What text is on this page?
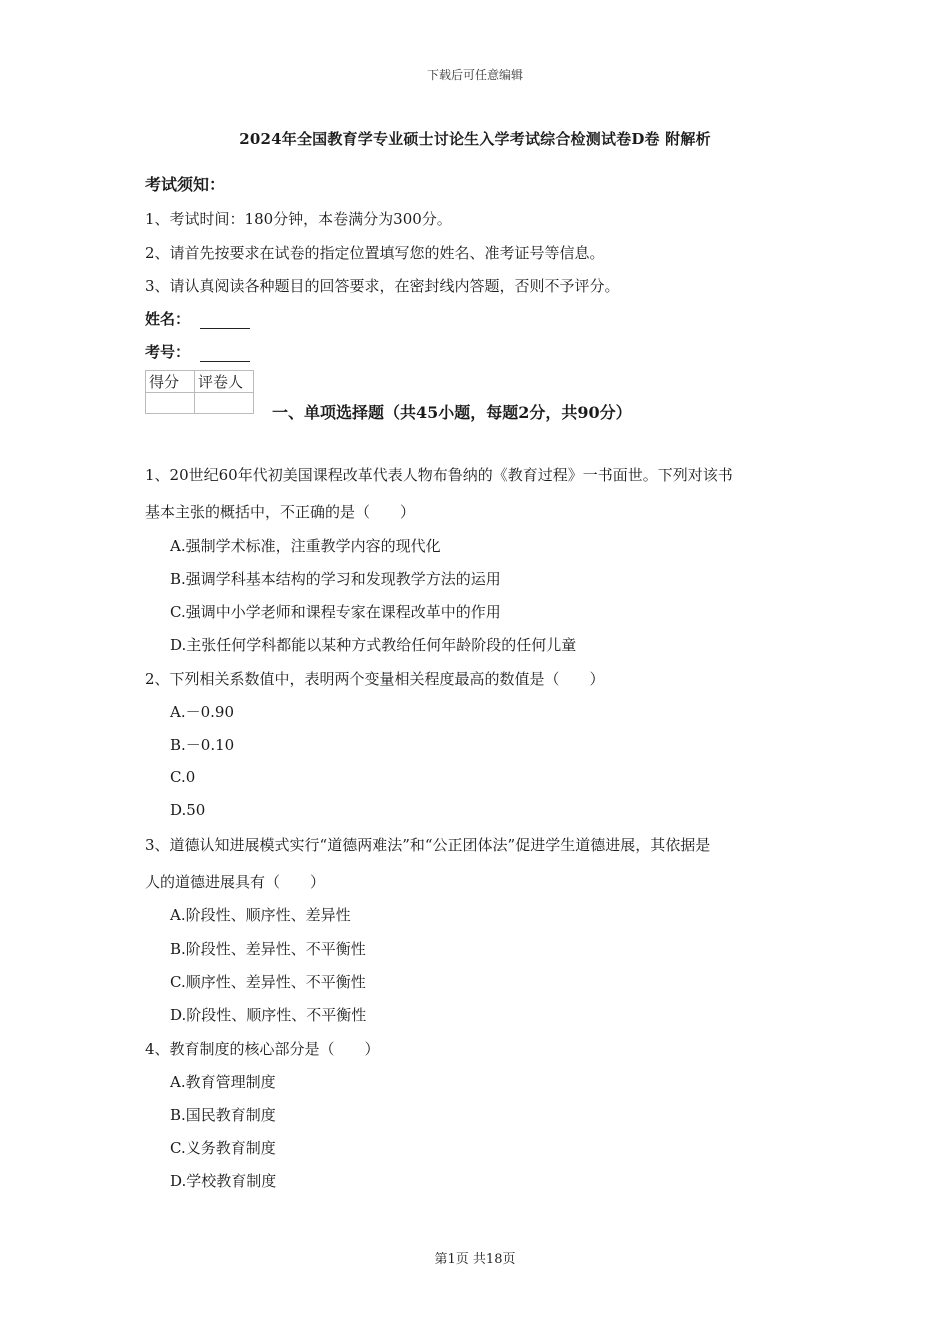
下载后可任意编辑
2024年全国教育学专业硕士讨论生入学考试综合检测试卷D卷 附解析
考试须知：
1、考试时间：180分钟，本卷满分为300分。
2、请首先按要求在试卷的指定位置填写您的姓名、准考证号等信息。
3、请认真阅读各种题目的回答要求，在密封线内答题，否则不予评分。
姓名：
考号：
得分	评卷人

一、单项选择题（共45小题，每题2分，共90分）
1、20世纪60年代初美国课程改革代表人物布鲁纳的《教育过程》一书面世。下列对该书
基本主张的概括中，不正确的是（　　）
A.强制学术标准，注重教学内容的现代化
B.强调学科基本结构的学习和发现教学方法的运用
C.强调中小学老师和课程专家在课程改革中的作用
D.主张任何学科都能以某种方式教给任何年龄阶段的任何儿童
2、下列相关系数值中，表明两个变量相关程度最高的数值是（　　）
A.－0.90
B.－0.10
C.0
D.50
3、道德认知进展模式实行“道德两难法”和“公正团体法”促进学生道德进展，其依据是
人的道德进展具有（　　）
A.阶段性、顺序性、差异性
B.阶段性、差异性、不平衡性
C.顺序性、差异性、不平衡性
D.阶段性、顺序性、不平衡性
4、教育制度的核心部分是（　　）
A.教育管理制度
B.国民教育制度
C.义务教育制度
D.学校教育制度
第1页 共18页
